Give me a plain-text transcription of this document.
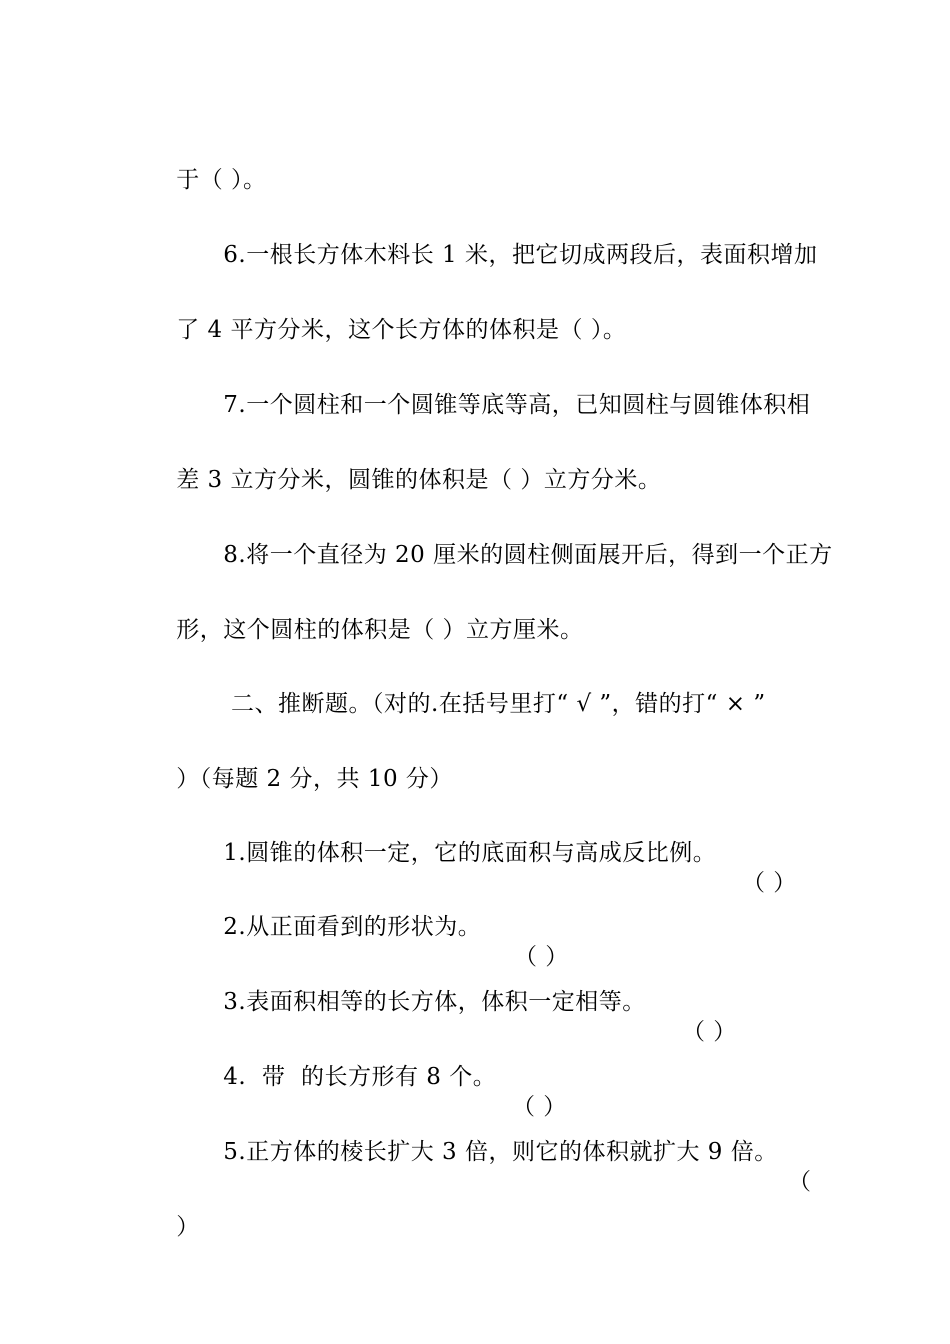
于（ ）。

6.一根长方体木料长 1 米，把它切成两段后，表面积增加

了 4 平方分米，这个长方体的体积是（ ）。

7.一个圆柱和一个圆锥等底等高，已知圆柱与圆锥体积相

差 3 立方分米，圆锥的体积是（ ）立方分米。

8.将一个直径为 20 厘米的圆柱侧面展开后，得到一个正方

形，这个圆柱的体积是（ ）立方厘米。

二、推断题。（对的.在括号里打“ √ ”，错的打“ × ”

）（每题 2 分，共 10 分）

1.圆锥的体积一定，它的底面积与高成反比例。

（ ）

2.从正面看到的形状为。

（ ）

3.表面积相等的长方体，体积一定相等。

（ ）

4.  带  的长方形有 8 个。

（ ）

5.正方体的棱长扩大 3 倍，则它的体积就扩大 9 倍。

（

）
